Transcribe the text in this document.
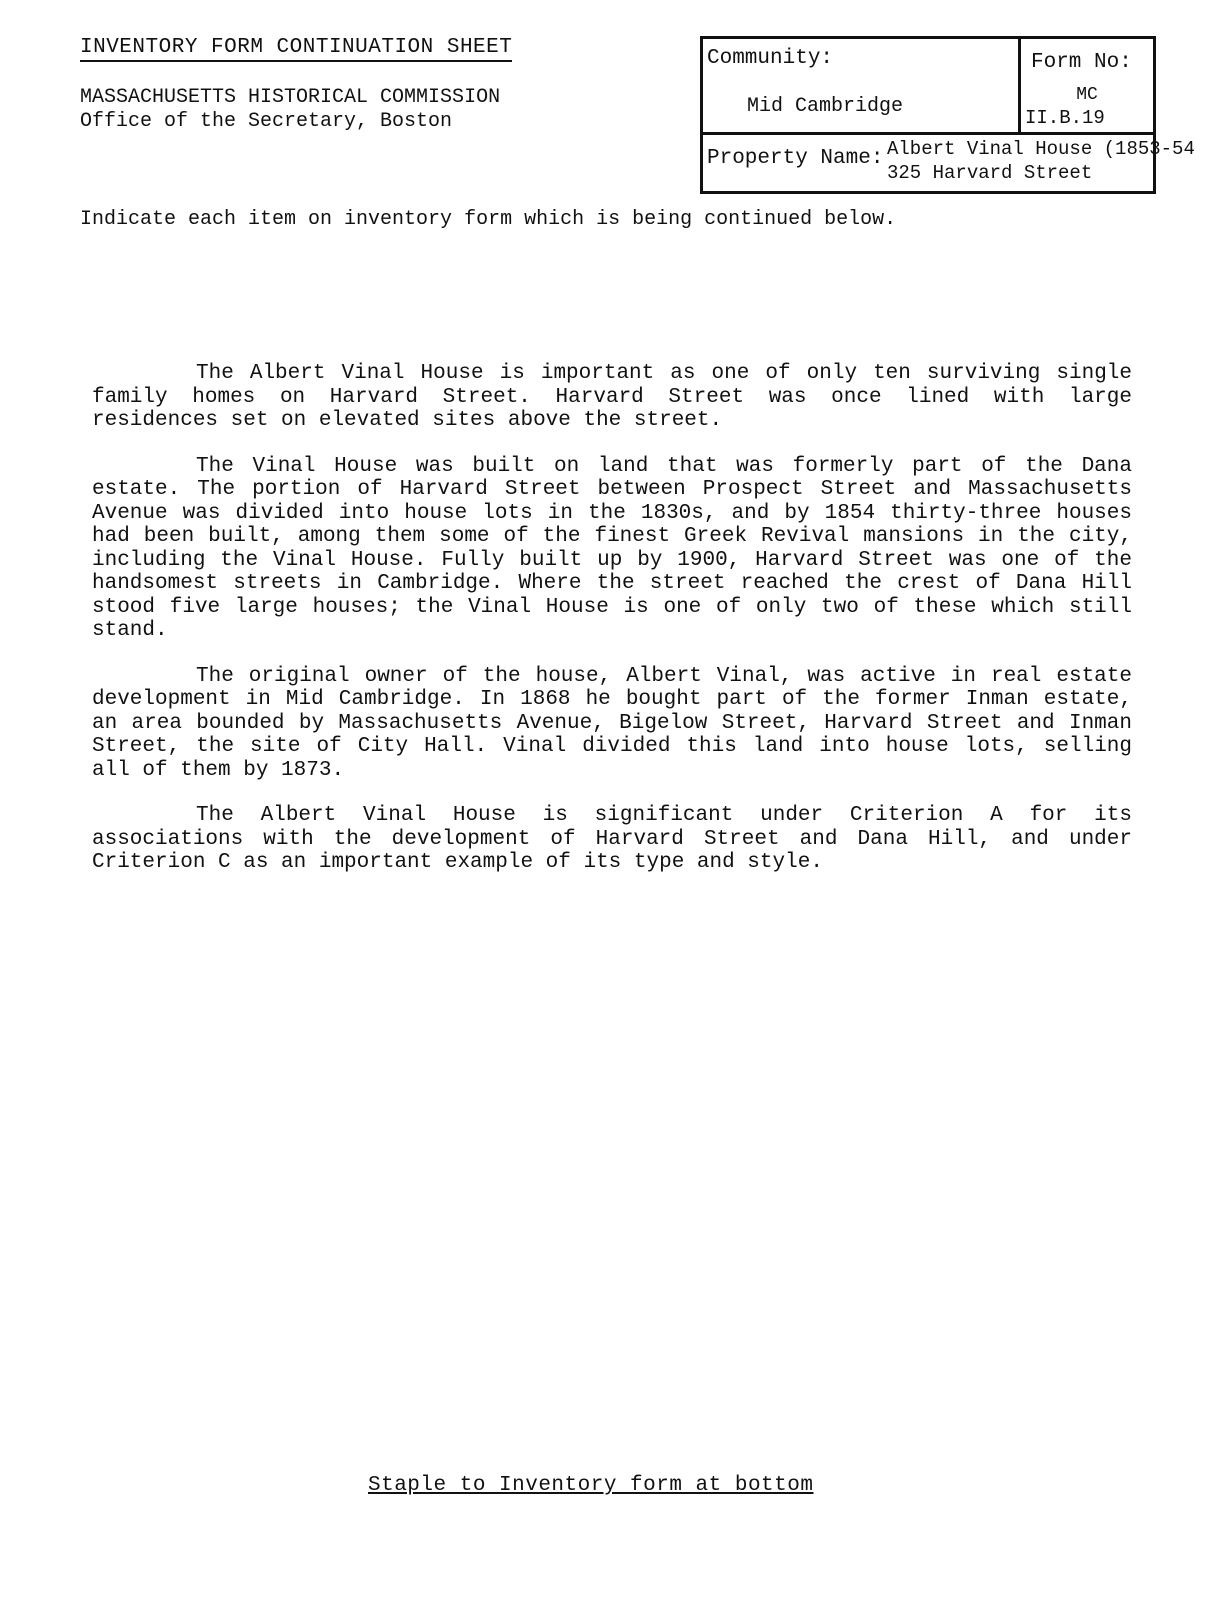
INVENTORY FORM CONTINUATION SHEET
MASSACHUSETTS HISTORICAL COMMISSION
Office of the Secretary, Boston
Community:
Mid Cambridge
Form No:
MC
II.B.19
Property Name: Albert Vinal House (1853-54
325 Harvard Street
Indicate each item on inventory form which is being continued below.

The Albert Vinal House is important as one of only ten surviving single family homes on Harvard Street. Harvard Street was once lined with large residences set on elevated sites above the street.

The Vinal House was built on land that was formerly part of the Dana estate. The portion of Harvard Street between Prospect Street and Massachusetts Avenue was divided into house lots in the 1830s, and by 1854 thirty-three houses had been built, among them some of the finest Greek Revival mansions in the city, including the Vinal House. Fully built up by 1900, Harvard Street was one of the handsomest streets in Cambridge. Where the street reached the crest of Dana Hill stood five large houses; the Vinal House is one of only two of these which still stand.

The original owner of the house, Albert Vinal, was active in real estate development in Mid Cambridge. In 1868 he bought part of the former Inman estate, an area bounded by Massachusetts Avenue, Bigelow Street, Harvard Street and Inman Street, the site of City Hall. Vinal divided this land into house lots, selling all of them by 1873.

The Albert Vinal House is significant under Criterion A for its associations with the development of Harvard Street and Dana Hill, and under Criterion C as an important example of its type and style.

Staple to Inventory form at bottom
